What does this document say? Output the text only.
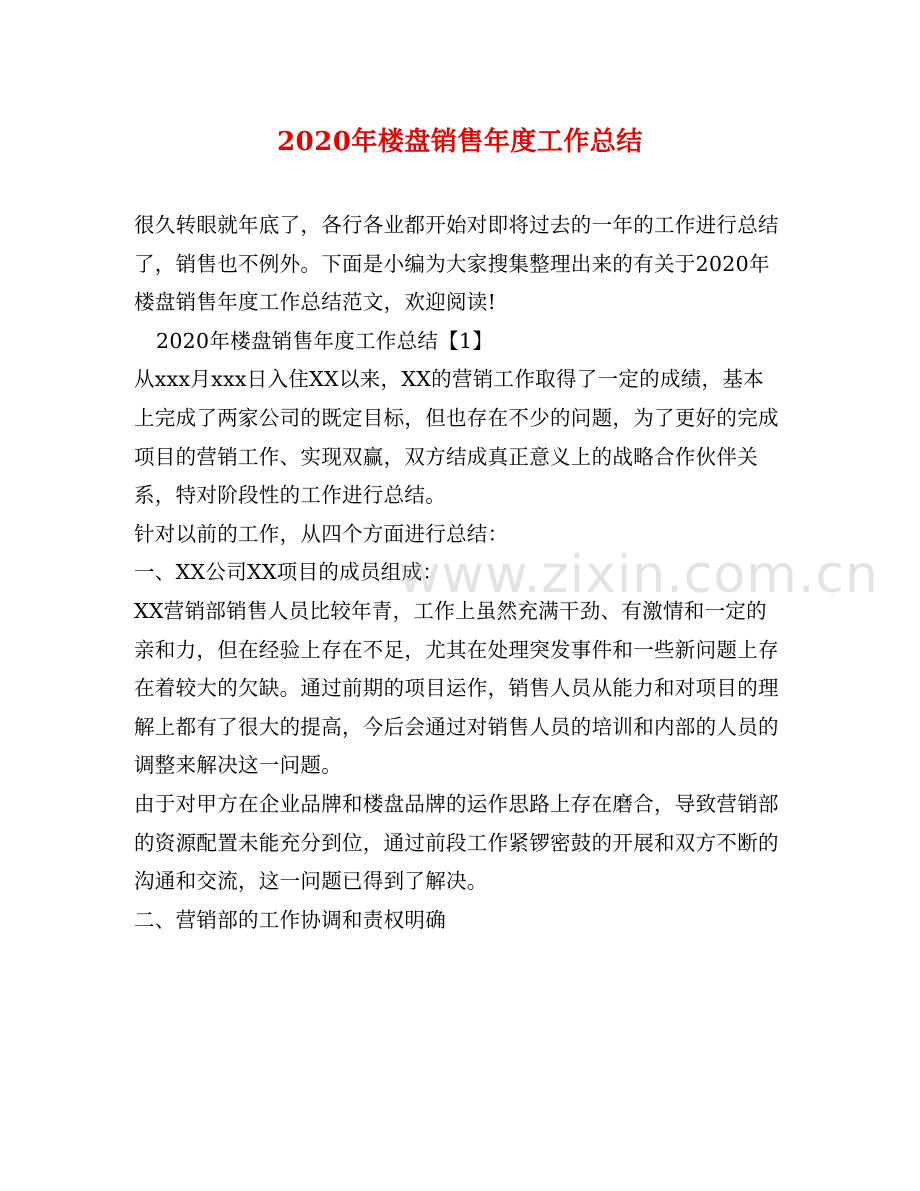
2020年楼盘销售年度工作总结
很久转眼就年底了，各行各业都开始对即将过去的一年的工作进行总结
了，销售也不例外。下面是小编为大家搜集整理出来的有关于2020年
楼盘销售年度工作总结范文，欢迎阅读!
2020年楼盘销售年度工作总结【1】
从xxx月xxx日入住XX以来，XX的营销工作取得了一定的成绩，基本
上完成了两家公司的既定目标，但也存在不少的问题，为了更好的完成
项目的营销工作、实现双赢，双方结成真正意义上的战略合作伙伴关
系，特对阶段性的工作进行总结。
针对以前的工作，从四个方面进行总结：
一、XX公司XX项目的成员组成：
XX营销部销售人员比较年青，工作上虽然充满干劲、有激情和一定的
亲和力，但在经验上存在不足，尤其在处理突发事件和一些新问题上存
在着较大的欠缺。通过前期的项目运作，销售人员从能力和对项目的理
解上都有了很大的提高，今后会通过对销售人员的培训和内部的人员的
调整来解决这一问题。
由于对甲方在企业品牌和楼盘品牌的运作思路上存在磨合，导致营销部
的资源配置未能充分到位，通过前段工作紧锣密鼓的开展和双方不断的
沟通和交流，这一问题已得到了解决。
二、营销部的工作协调和责权明确
www.zixin.com.cn
